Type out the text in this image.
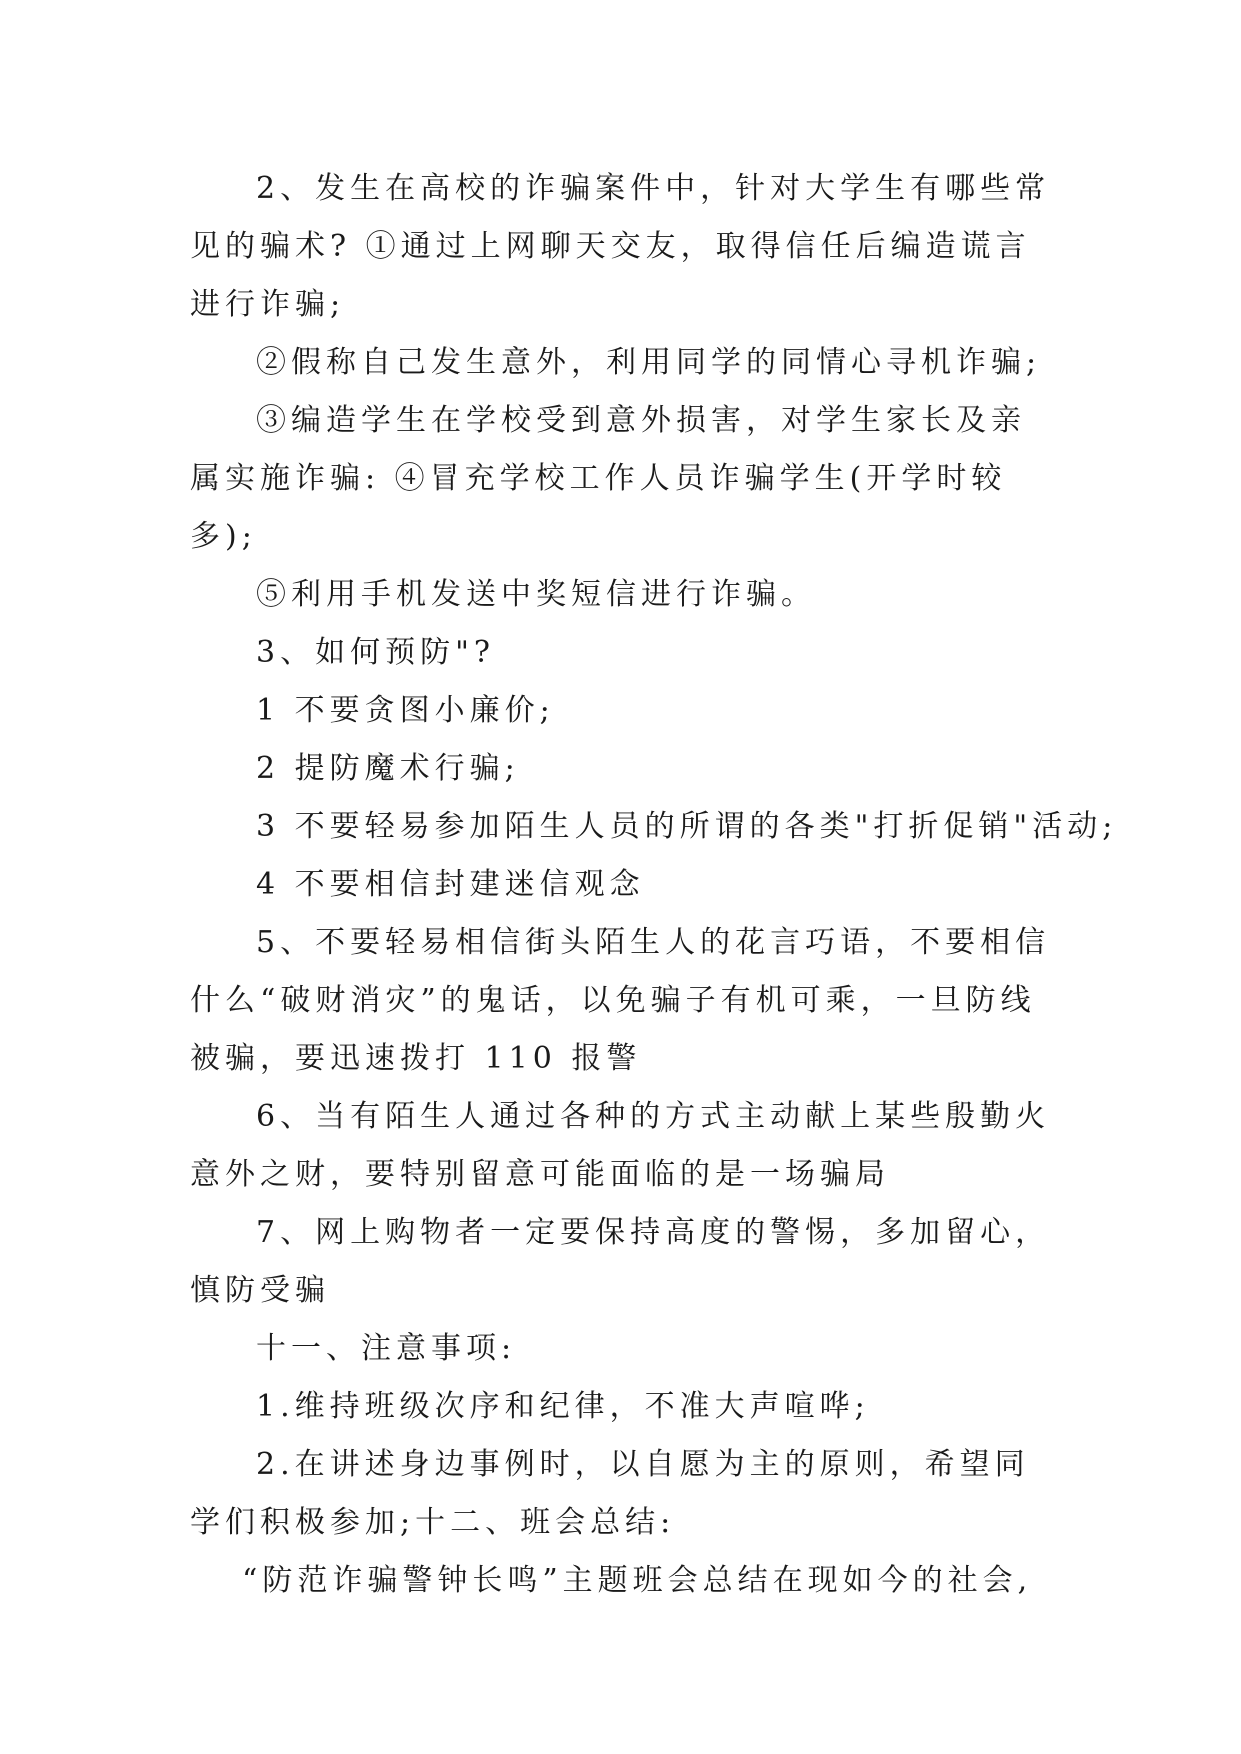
2、发生在高校的诈骗案件中，针对大学生有哪些常见的骗术? ①通过上网聊天交友，取得信任后编造谎言进行诈骗;

②假称自己发生意外，利用同学的同情心寻机诈骗;

③编造学生在学校受到意外损害，对学生家长及亲属实施诈骗: ④冒充学校工作人员诈骗学生(开学时较多);

⑤利用手机发送中奖短信进行诈骗。

3、如何预防"?

1 不要贪图小廉价;

2 提防魔术行骗;

3 不要轻易参加陌生人员的所谓的各类"打折促销"活动;

4 不要相信封建迷信观念

5、不要轻易相信街头陌生人的花言巧语，不要相信什么“破财消灾”的鬼话，以免骗子有机可乘，一旦防线被骗，要迅速拨打 110 报警

6、当有陌生人通过各种的方式主动献上某些殷勤火意外之财，要特别留意可能面临的是一场骗局

7、网上购物者一定要保持高度的警惕，多加留心，慎防受骗

十一、注意事项:

1.维持班级次序和纪律，不准大声喧哗;

2.在讲述身边事例时，以自愿为主的原则，希望同学们积极参加;十二、班会总结:

“防范诈骗警钟长鸣”主题班会总结在现如今的社会,
